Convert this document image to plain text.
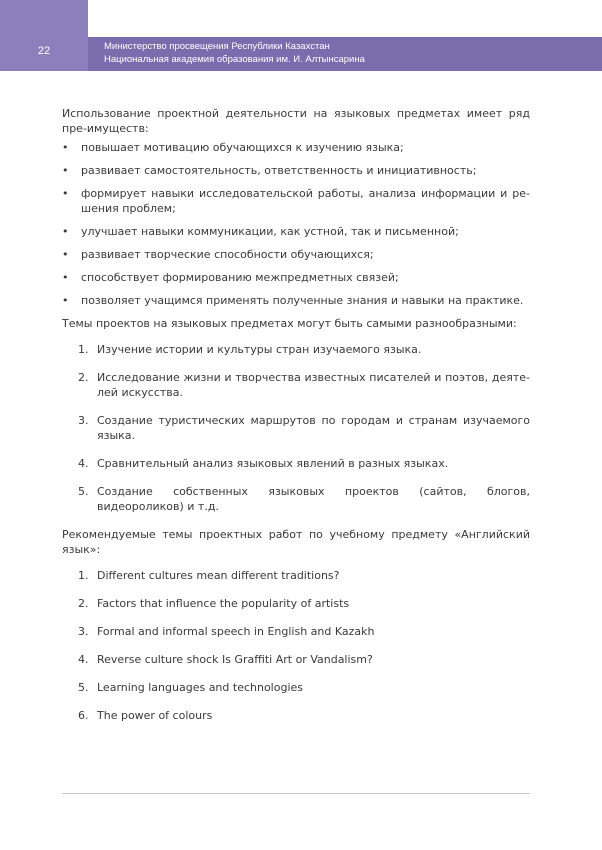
22	Министерство просвещения Республики Казахстан
Национальная академия образования им. И. Алтынсарина

Использование проектной деятельности на языковых предметах имеет ряд пре-имуществ:

• повышает мотивацию обучающихся к изучению языка;
• развивает самостоятельность, ответственность и инициативность;
• формирует навыки исследовательской работы, анализа информации и ре-шения проблем;
• улучшает навыки коммуникации, как устной, так и письменной;
• развивает творческие способности обучающихся;
• способствует формированию межпредметных связей;
• позволяет учащимся применять полученные знания и навыки на практике.

Темы проектов на языковых предметах могут быть самыми разнообразными:

1. Изучение истории и культуры стран изучаемого языка.
2. Исследование жизни и творчества известных писателей и поэтов, деяте-лей искусства.
3. Создание туристических маршрутов по городам и странам изучаемого языка.
4. Сравнительный анализ языковых явлений в разных языках.
5. Создание собственных языковых проектов (сайтов, блогов, видеороликов) и т.д.

Рекомендуемые темы проектных работ по учебному предмету «Английский язык»:

1. Different cultures mean different traditions?
2. Factors that influence the popularity of artists
3. Formal and informal speech in English and Kazakh
4. Reverse culture shock Is Graffiti Art or Vandalism?
5. Learning languages and technologies
6. The power of colours
